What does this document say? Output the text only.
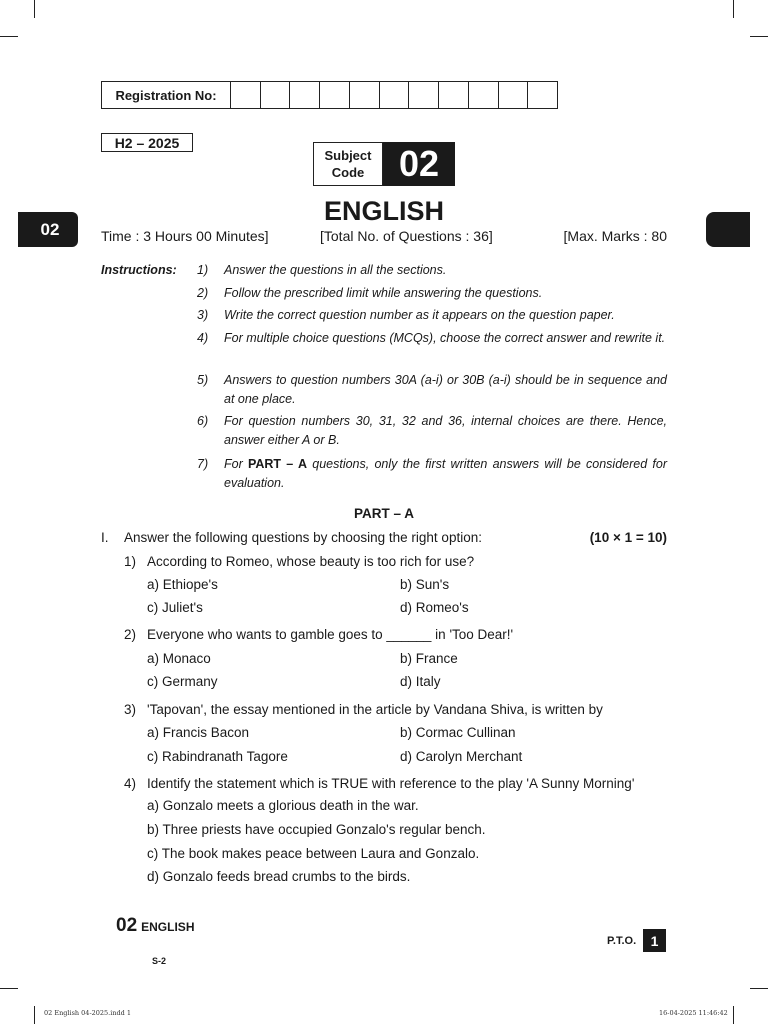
Registration No:
H2 – 2025
Subject
Code 02
02
ENGLISH
Time : 3 Hours 00 Minutes]	[Total No. of Questions : 36]	[Max. Marks : 80
Instructions: 1) Answer the questions in all the sections.
2) Follow the prescribed limit while answering the questions.
3) Write the correct question number as it appears on the question paper.
4) For multiple choice questions (MCQs), choose the correct answer and rewrite it.
5) Answers to question numbers 30A (a-i) or 30B (a-i) should be in sequence and at one place.
6) For question numbers 30, 31, 32 and 36, internal choices are there. Hence, answer either A or B.
7) For PART – A questions, only the first written answers will be considered for evaluation.
PART – A
I. Answer the following questions by choosing the right option:	(10 × 1 = 10)
1) According to Romeo, whose beauty is too rich for use?
a) Ethiope's	b) Sun's
c) Juliet's	d) Romeo's
2) Everyone who wants to gamble goes to ______ in 'Too Dear!'
a) Monaco	b) France
c) Germany	d) Italy
3) 'Tapovan', the essay mentioned in the article by Vandana Shiva, is written by
a) Francis Bacon	b) Cormac Cullinan
c) Rabindranath Tagore	d) Carolyn Merchant
4) Identify the statement which is TRUE with reference to the play 'A Sunny Morning'
a) Gonzalo meets a glorious death in the war.
b) Three priests have occupied Gonzalo's regular bench.
c) The book makes peace between Laura and Gonzalo.
d) Gonzalo feeds bread crumbs to the birds.
02 ENGLISH
P.T.O.	1
S-2
02 English 04-2025.indd 1	16-04-2025 11:46:42
